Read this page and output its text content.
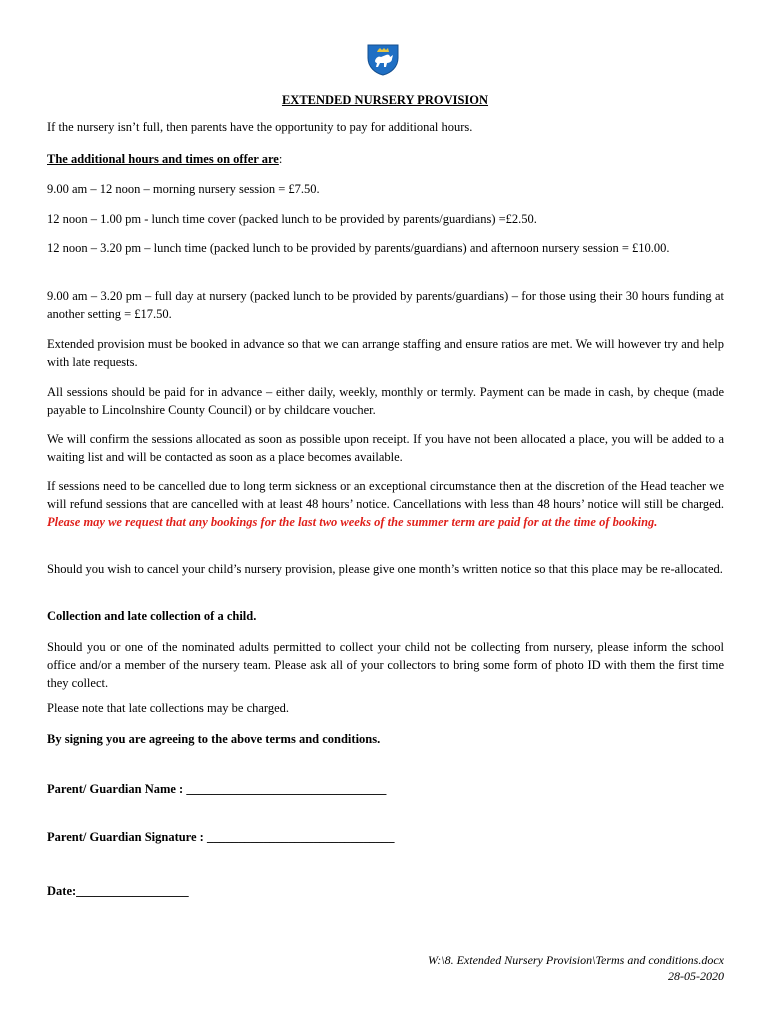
EXTENDED NURSERY PROVISION

If the nursery isn’t full, then parents have the opportunity to pay for additional hours.

The additional hours and times on offer are:

9.00 am – 12 noon – morning nursery session = £7.50.

12 noon – 1.00 pm - lunch time cover (packed lunch to be provided by parents/guardians) =£2.50.

12 noon – 3.20 pm – lunch time (packed lunch to be provided by parents/guardians) and afternoon nursery session = £10.00.

9.00 am – 3.20 pm – full day at nursery (packed lunch to be provided by parents/guardians) – for those using their 30 hours funding at another setting = £17.50.

Extended provision must be booked in advance so that we can arrange staffing and ensure ratios are met. We will however try and help with late requests.

All sessions should be paid for in advance – either daily, weekly, monthly or termly. Payment can be made in cash, by cheque (made payable to Lincolnshire County Council) or by childcare voucher.

We will confirm the sessions allocated as soon as possible upon receipt. If you have not been allocated a place, you will be added to a waiting list and will be contacted as soon as a place becomes available.

If sessions need to be cancelled due to long term sickness or an exceptional circumstance then at the discretion of the Head teacher we will refund sessions that are cancelled with at least 48 hours’ notice. Cancellations with less than 48 hours’ notice will still be charged. Please may we request that any bookings for the last two weeks of the summer term are paid for at the time of booking.

Should you wish to cancel your child’s nursery provision, please give one month’s written notice so that this place may be re-allocated.

Collection and late collection of a child.

Should you or one of the nominated adults permitted to collect your child not be collecting from nursery, please inform the school office and/or a member of the nursery team. Please ask all of your collectors to bring some form of photo ID with them the first time they collect.

Please note that late collections may be charged.

By signing you are agreeing to the above terms and conditions.

Parent/ Guardian Name : ________________________________

Parent/ Guardian Signature : ______________________________

Date:__________________

W:\8. Extended Nursery Provision\Terms and conditions.docx
28-05-2020
